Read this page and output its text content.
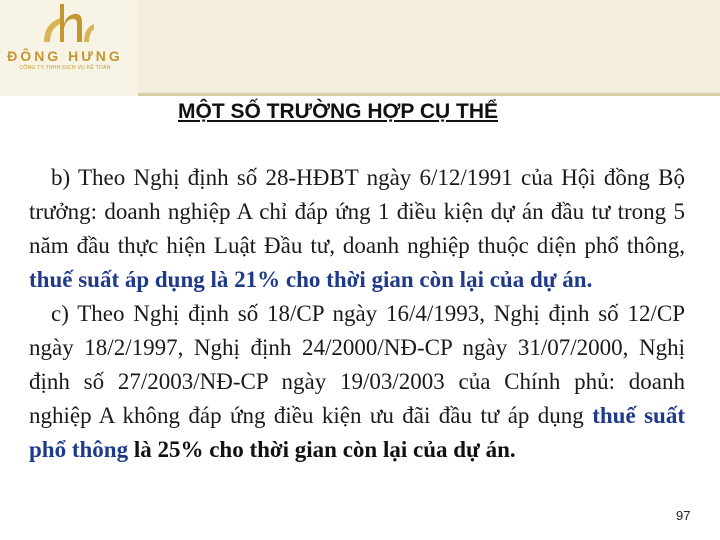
ĐÔNG HƯNG
CÔNG TY TNHH DỊCH VỤ KẾ TOÁN
MỘT SỐ TRƯỜNG HỢP CỤ THỂ

b) Theo Nghị định số 28-HĐBT ngày 6/12/1991 của Hội đồng Bộ trưởng: doanh nghiệp A chỉ đáp ứng 1 điều kiện dự án đầu tư trong 5 năm đầu thực hiện Luật Đầu tư, doanh nghiệp thuộc diện phổ thông, thuế suất áp dụng là 21% cho thời gian còn lại của dự án.

c) Theo Nghị định số 18/CP ngày 16/4/1993, Nghị định số 12/CP ngày 18/2/1997, Nghị định 24/2000/NĐ-CP ngày 31/07/2000, Nghị định số 27/2003/NĐ-CP ngày 19/03/2003 của Chính phủ: doanh nghiệp A không đáp ứng điều kiện ưu đãi đầu tư áp dụng thuế suất phổ thông là 25% cho thời gian còn lại của dự án.

97
